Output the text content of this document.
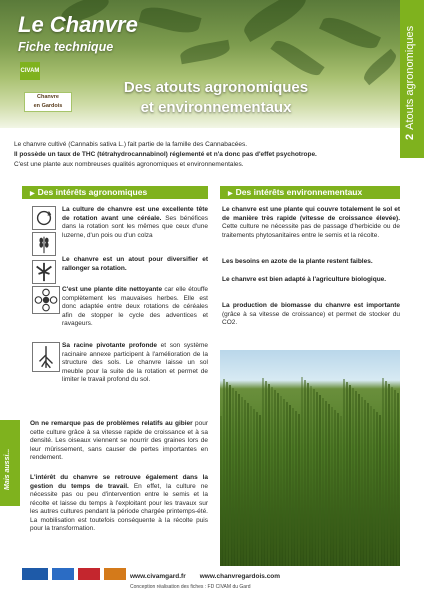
Le Chanvre
Fiche technique
CIVAM
Chanvre
en Gardois
Des atouts agronomiques
et environnementaux
2Atouts agronomiques

Le chanvre cultivé (Cannabis sativa L.) fait partie de la famille des Cannabacées.

Il possède un taux de THC (tétrahydrocannabinol) réglementé et n'a donc pas d'effet psychotrope.

C'est une plante aux nombreuses qualités agronomiques et environnementales.

▶ Des intérêts agronomiques	▶ Des intérêts environnementaux

La culture de chanvre est une excellente tête de rotation avant une céréale. Ses bénéfices dans la rotation sont les mêmes que ceux d'une luzerne, d'un pois ou d'un colza

Le chanvre est un atout pour diversifier et rallonger sa rotation.

C'est une plante dite nettoyante car elle étouffe complètement les mauvaises herbes. Elle est donc adaptée entre deux rotations de céréales afin de stopper le cycle des adventices et ravageurs.

Sa racine pivotante profonde et son système racinaire annexe participent à l'amélioration de la structure des sols. Le chanvre laisse un sol meuble pour la suite de la rotation et permet de limiter le travail profond du sol.

Le chanvre est une plante qui couvre totalement le sol et de manière très rapide (vitesse de croissance élevée). Cette culture ne nécessite pas de passage d'herbicide ou de traitements phytosanitaires entre le semis et la récolte.

Les besoins en azote de la plante restent faibles.

Le chanvre est bien adapté à l'agriculture biologique.

La production de biomasse du chanvre est importante (grâce à sa vitesse de croissance) et permet de stocker du CO2.

Mais aussi...

On ne remarque pas de problèmes relatifs au gibier pour cette culture grâce à sa vitesse rapide de croissance et à sa densité. Les oiseaux viennent se nourrir des graines lors de leur mûrissement, sans causer de pertes importantes en rendement.

L'intérêt du chanvre se retrouve également dans la gestion du temps de travail. En effet, la culture ne nécessite pas ou peu d'intervention entre le semis et la récolte et laisse du temps à l'exploitant pour les travaux sur les autres cultures pendant la période chargée printemps-été. La mobilisation est toutefois conséquente à la récolte puis pour la transformation.

www.civamgard.fr www.chanvregardois.com
Conception réalisation des fiches : FD CIVAM du Gard
